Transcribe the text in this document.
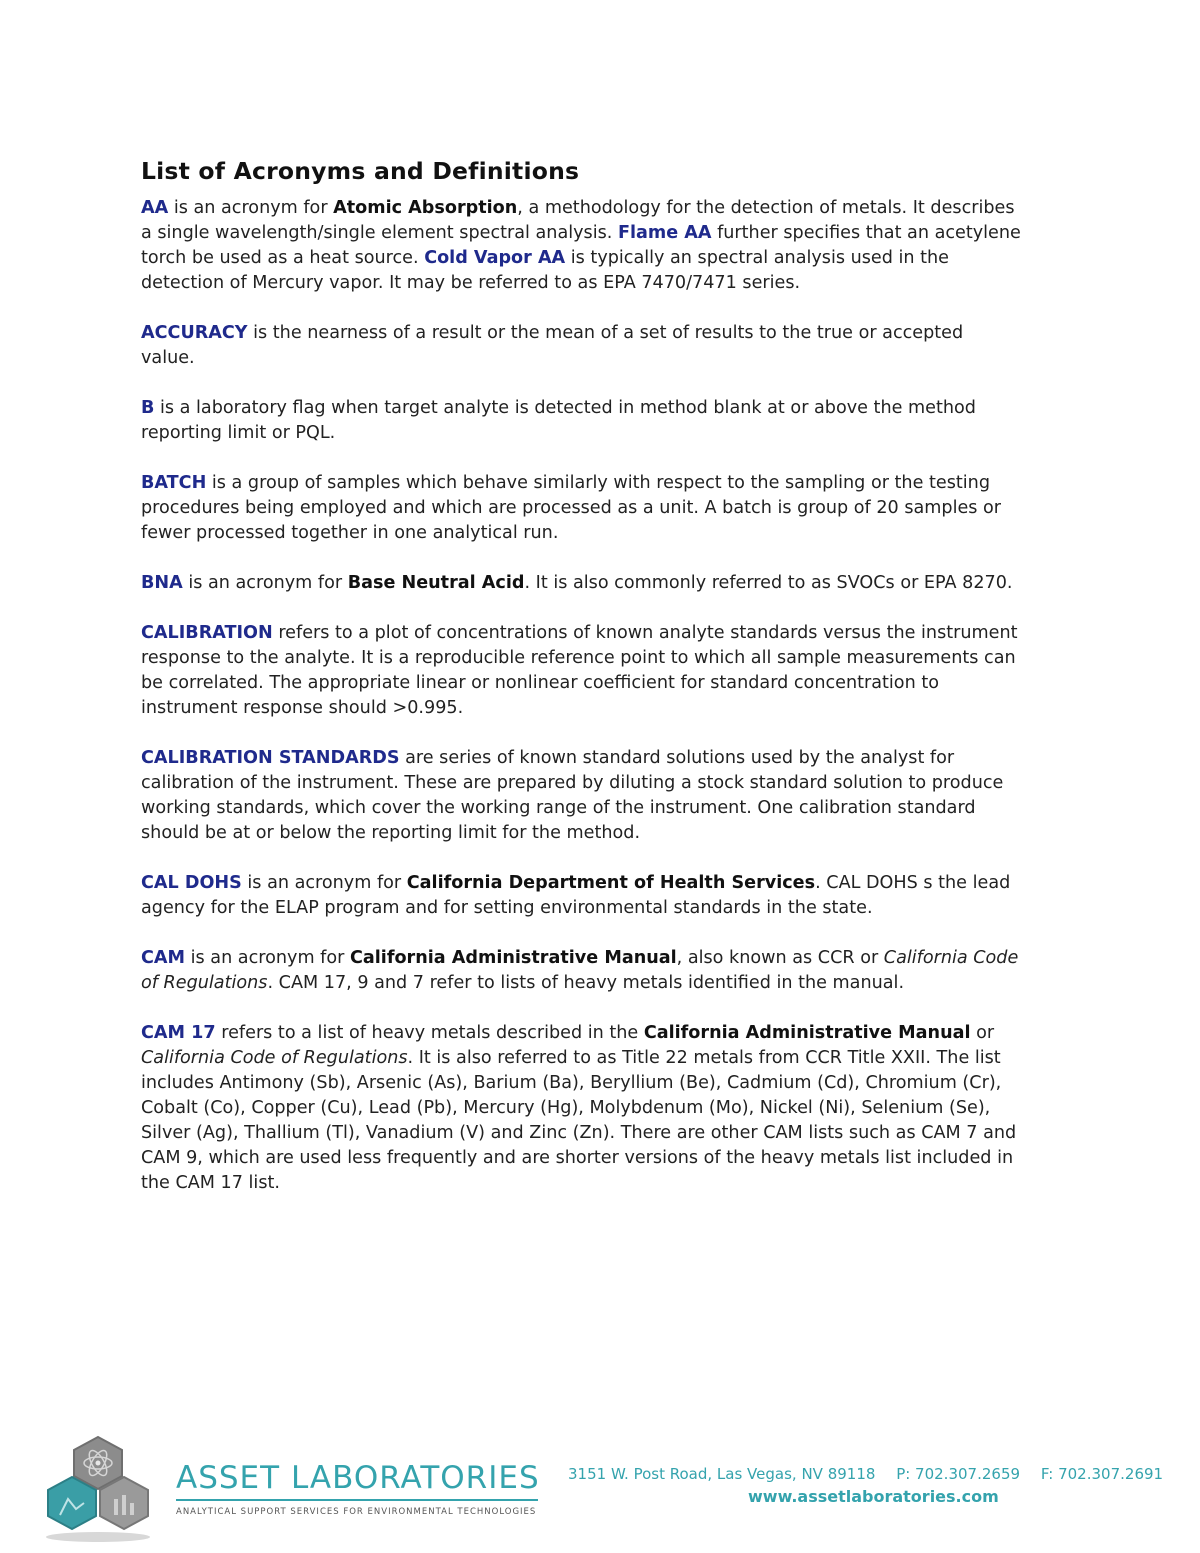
List of Acronyms and Definitions

AA is an acronym for Atomic Absorption, a methodology for the detection of metals. It describes a single wavelength/single element spectral analysis. Flame AA further specifies that an acetylene torch be used as a heat source. Cold Vapor AA is typically an spectral analysis used in the detection of Mercury vapor. It may be referred to as EPA 7470/7471 series.

ACCURACY is the nearness of a result or the mean of a set of results to the true or accepted value.

B is a laboratory flag when target analyte is detected in method blank at or above the method reporting limit or PQL.

BATCH is a group of samples which behave similarly with respect to the sampling or the testing procedures being employed and which are processed as a unit. A batch is group of 20 samples or fewer processed together in one analytical run.

BNA is an acronym for Base Neutral Acid. It is also commonly referred to as SVOCs or EPA 8270.

CALIBRATION refers to a plot of concentrations of known analyte standards versus the instrument response to the analyte. It is a reproducible reference point to which all sample measurements can be correlated. The appropriate linear or nonlinear coefficient for standard concentration to instrument response should >0.995.

CALIBRATION STANDARDS are series of known standard solutions used by the analyst for calibration of the instrument. These are prepared by diluting a stock standard solution to produce working standards, which cover the working range of the instrument. One calibration standard should be at or below the reporting limit for the method.

CAL DOHS is an acronym for California Department of Health Services. CAL DOHS s the lead agency for the ELAP program and for setting environmental standards in the state.

CAM is an acronym for California Administrative Manual, also known as CCR or California Code of Regulations. CAM 17, 9 and 7 refer to lists of heavy metals identified in the manual.

CAM 17 refers to a list of heavy metals described in the California Administrative Manual or California Code of Regulations. It is also referred to as Title 22 metals from CCR Title XXII. The list includes Antimony (Sb), Arsenic (As), Barium (Ba), Beryllium (Be), Cadmium (Cd), Chromium (Cr), Cobalt (Co), Copper (Cu), Lead (Pb), Mercury (Hg), Molybdenum (Mo), Nickel (Ni), Selenium (Se), Silver (Ag), Thallium (Tl), Vanadium (V) and Zinc (Zn). There are other CAM lists such as CAM 7 and CAM 9, which are used less frequently and are shorter versions of the heavy metals list included in the CAM 17 list.

ASSET LABORATORIES
ANALYTICAL SUPPORT SERVICES FOR ENVIRONMENTAL TECHNOLOGIES
3151 W. Post Road, Las Vegas, NV 89118 P: 702.307.2659 F: 702.307.2691
www.assetlaboratories.com
